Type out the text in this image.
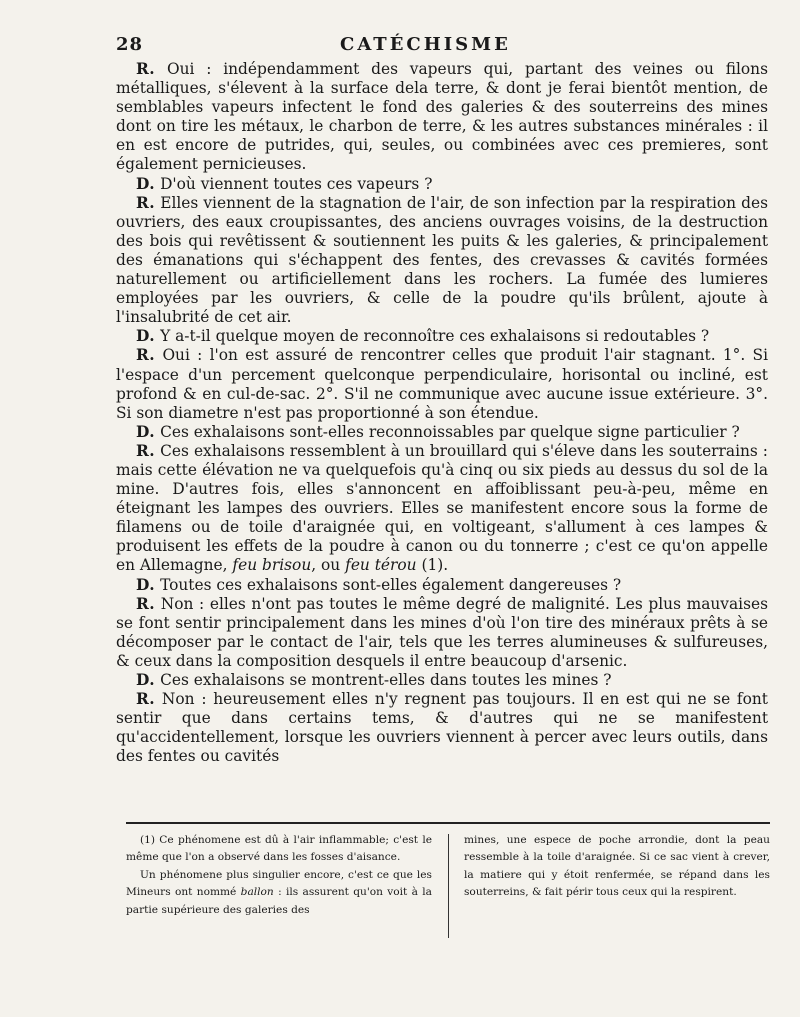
28	CATÉCHISME

R. Oui : indépendamment des vapeurs qui, partant des veines ou filons métalliques, s'élevent à la surface dela terre, & dont je ferai bientôt mention, de semblables vapeurs infectent le fond des galeries & des souterreins des mines dont on tire les métaux, le charbon de terre, & les autres substances minérales : il en est encore de putrides, qui, seules, ou combinées avec ces premieres, sont également pernicieuses.

D. D'où viennent toutes ces vapeurs ?

R. Elles viennent de la stagnation de l'air, de son infection par la respiration des ouvriers, des eaux croupissantes, des anciens ouvrages voisins, de la destruction des bois qui revêtissent & soutiennent les puits & les galeries, & principalement des émanations qui s'échappent des fentes, des crevasses & cavités formées naturellement ou artificiellement dans les rochers. La fumée des lumieres employées par les ouvriers, & celle de la poudre qu'ils brûlent, ajoute à l'insalubrité de cet air.

D. Y a-t-il quelque moyen de reconnoître ces exhalaisons si redoutables ?

R. Oui : l'on est assuré de rencontrer celles que produit l'air stagnant. 1°. Si l'espace d'un percement quelconque perpendiculaire, horisontal ou incliné, est profond & en cul-de-sac. 2°. S'il ne communique avec aucune issue extérieure. 3°. Si son diametre n'est pas proportionné à son étendue.

D. Ces exhalaisons sont-elles reconnoissables par quelque signe particulier ?

R. Ces exhalaisons ressemblent à un brouillard qui s'éleve dans les souterrains : mais cette élévation ne va quelquefois qu'à cinq ou six pieds au dessus du sol de la mine. D'autres fois, elles s'annoncent en affoiblissant peu-à-peu, même en éteignant les lampes des ouvriers. Elles se manifestent encore sous la forme de filamens ou de toile d'araignée qui, en voltigeant, s'allument à ces lampes & produisent les effets de la poudre à canon ou du tonnerre ; c'est ce qu'on appelle en Allemagne, feu brisou, ou feu térou (1).

D. Toutes ces exhalaisons sont-elles également dangereuses ?

R. Non : elles n'ont pas toutes le même degré de malignité. Les plus mauvaises se font sentir principalement dans les mines d'où l'on tire des minéraux prêts à se décomposer par le contact de l'air, tels que les terres alumineuses & sulfureuses, & ceux dans la composition desquels il entre beaucoup d'arsenic.

D. Ces exhalaisons se montrent-elles dans toutes les mines ?

R. Non : heureusement elles n'y regnent pas toujours. Il en est qui ne se font sentir que dans certains tems, & d'autres qui ne se manifestent qu'accidentellement, lorsque les ouvriers viennent à percer avec leurs outils, dans des fentes ou cavités

(1) Ce phénomene est dû à l'air inflammable; c'est le même que l'on a observé dans les fosses d'aisance.

Un phénomene plus singulier encore, c'est ce que les Mineurs ont nommé ballon : ils assurent qu'on voit à la partie supérieure des galeries des

mines, une espece de poche arrondie, dont la peau ressemble à la toile d'araignée. Si ce sac vient à crever, la matiere qui y étoit renfermée, se répand dans les souterreins, & fait périr tous ceux qui la respirent.
